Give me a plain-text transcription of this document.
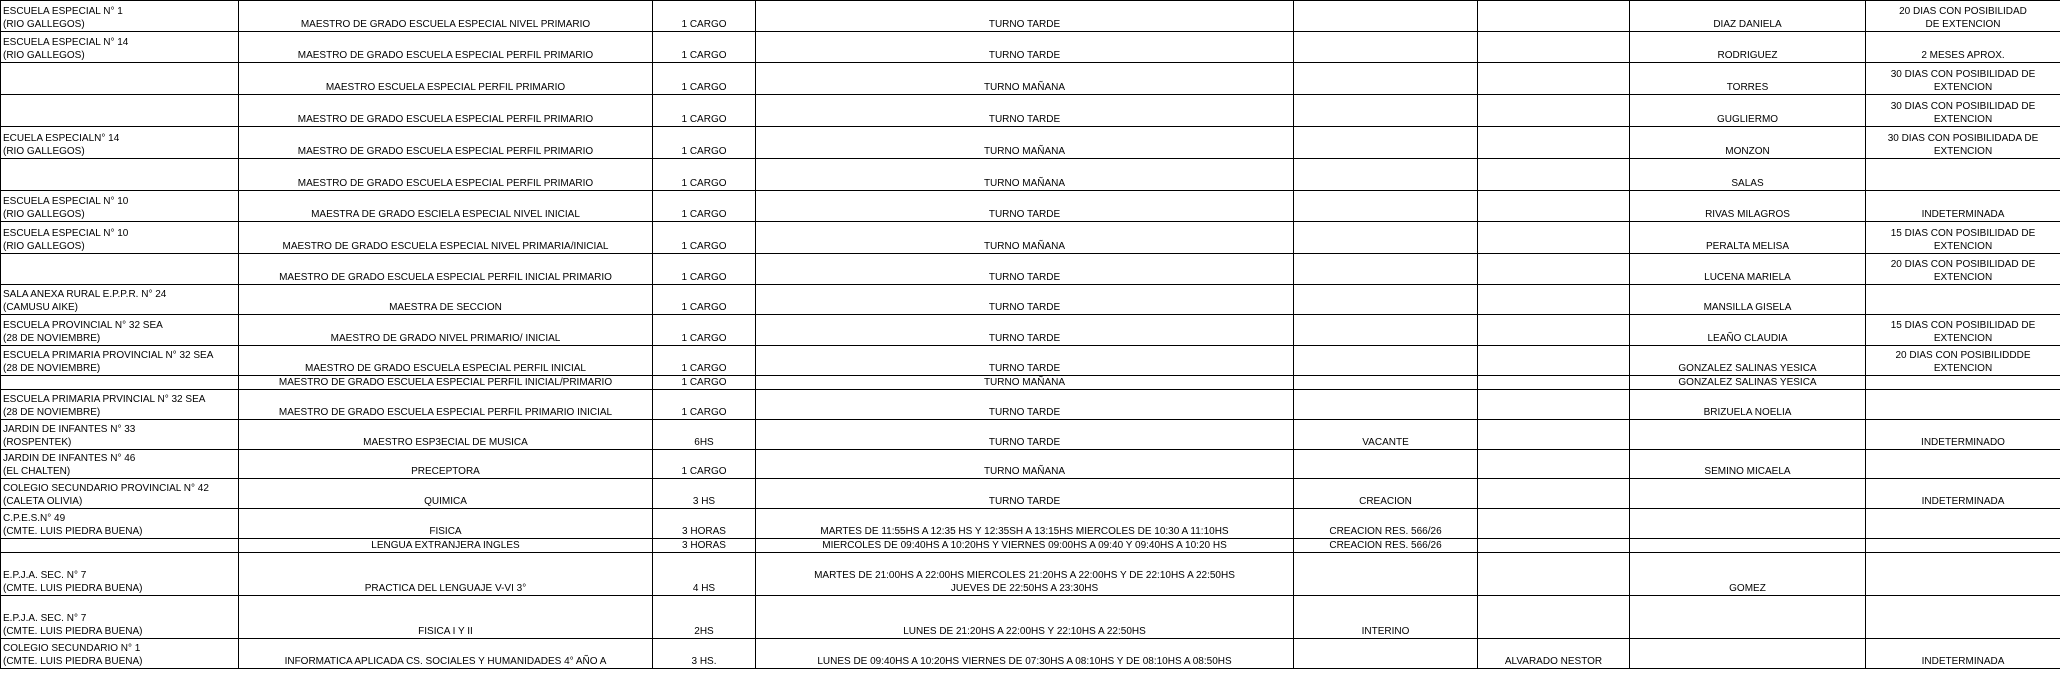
ESCUELA ESPECIAL N° 1
(RIO GALLEGOS)	MAESTRO DE GRADO ESCUELA ESPECIAL NIVEL PRIMARIO	1 CARGO	TURNO TARDE			DIAZ DANIELA	20 DIAS CON POSIBILIDAD
DE EXTENCION
ESCUELA ESPECIAL N° 14
(RIO GALLEGOS)	MAESTRO DE GRADO ESCUELA ESPECIAL PERFIL PRIMARIO	1 CARGO	TURNO TARDE			RODRIGUEZ	2 MESES APROX.
	MAESTRO ESCUELA ESPECIAL PERFIL PRIMARIO	1 CARGO	TURNO MAÑANA			TORRES	30 DIAS CON POSIBILIDAD DE
EXTENCION
	MAESTRO DE GRADO ESCUELA ESPECIAL PERFIL PRIMARIO	1 CARGO	TURNO TARDE			GUGLIERMO	30 DIAS CON POSIBILIDAD DE
EXTENCION
ECUELA ESPECIALN° 14
(RIO GALLEGOS)	MAESTRO DE GRADO ESCUELA ESPECIAL PERFIL PRIMARIO	1 CARGO	TURNO MAÑANA			MONZON	30 DIAS CON POSIBILIDADA DE
EXTENCION
	MAESTRO DE GRADO ESCUELA ESPECIAL PERFIL PRIMARIO	1 CARGO	TURNO MAÑANA			SALAS	
ESCUELA ESPECIAL N° 10
(RIO GALLEGOS)	MAESTRA DE GRADO ESCIELA ESPECIAL NIVEL INICIAL	1 CARGO	TURNO TARDE			RIVAS MILAGROS	INDETERMINADA
ESCUELA ESPECIAL N° 10
(RIO GALLEGOS)	MAESTRO DE GRADO ESCUELA ESPECIAL NIVEL PRIMARIA/INICIAL	1 CARGO	TURNO MAÑANA			PERALTA MELISA	15 DIAS CON POSIBILIDAD DE
EXTENCION
	MAESTRO DE GRADO ESCUELA ESPECIAL PERFIL INICIAL PRIMARIO	1 CARGO	TURNO TARDE			LUCENA MARIELA	20 DIAS CON POSIBILIDAD DE
EXTENCION
SALA ANEXA RURAL E.P.P.R. N° 24
(CAMUSU AIKE)	MAESTRA DE SECCION	1 CARGO	TURNO TARDE			MANSILLA GISELA	
ESCUELA PROVINCIAL N° 32 SEA
(28 DE NOVIEMBRE)	MAESTRO DE GRADO NIVEL PRIMARIO/ INICIAL	1 CARGO	TURNO TARDE			LEAÑO CLAUDIA	15 DIAS CON POSIBILIDAD DE
EXTENCION
ESCUELA PRIMARIA PROVINCIAL N° 32 SEA
(28 DE NOVIEMBRE)	MAESTRO DE GRADO ESCUELA ESPECIAL PERFIL INICIAL	1 CARGO	TURNO TARDE			GONZALEZ SALINAS YESICA	20 DIAS CON POSIBILIDDDE
EXTENCION
	MAESTRO DE GRADO ESCUELA ESPECIAL PERFIL INICIAL/PRIMARIO	1 CARGO	TURNO MAÑANA			GONZALEZ SALINAS YESICA	
ESCUELA PRIMARIA PRVINCIAL N° 32 SEA
(28 DE NOVIEMBRE)	MAESTRO DE GRADO ESCUELA ESPECIAL PERFIL PRIMARIO INICIAL	1 CARGO	TURNO TARDE			BRIZUELA NOELIA	
JARDIN DE INFANTES N° 33
(ROSPENTEK)	MAESTRO ESP3ECIAL DE MUSICA	6HS	TURNO TARDE	VACANTE			INDETERMINADO
JARDIN DE INFANTES N° 46
(EL CHALTEN)	PRECEPTORA	1 CARGO	TURNO MAÑANA			SEMINO MICAELA	
COLEGIO SECUNDARIO PROVINCIAL N° 42
(CALETA OLIVIA)	QUIMICA	3 HS	TURNO TARDE	CREACION			INDETERMINADA
C.P.E.S.N° 49
(CMTE. LUIS PIEDRA BUENA)	FISICA	3 HORAS	MARTES DE 11:55HS A 12:35 HS Y 12:35SH A 13:15HS MIERCOLES DE 10:30 A 11:10HS	CREACION RES. 566/26			
	LENGUA EXTRANJERA INGLES	3 HORAS	MIERCOLES DE 09:40HS A 10:20HS Y VIERNES 09:00HS A 09:40 Y 09:40HS A 10:20 HS	CREACION RES. 566/26			
E.P.J.A. SEC. N° 7
(CMTE. LUIS PIEDRA BUENA)	PRACTICA DEL LENGUAJE V-VI 3°	4 HS	MARTES DE 21:00HS A 22:00HS MIERCOLES 21:20HS A 22:00HS Y DE 22:10HS A 22:50HS
JUEVES DE 22:50HS A 23:30HS			GOMEZ	
E.P.J.A. SEC. N° 7
(CMTE. LUIS PIEDRA BUENA)	FISICA I Y II	2HS	LUNES DE 21:20HS A 22:00HS Y 22:10HS A 22:50HS	INTERINO			
COLEGIO SECUNDARIO N° 1
(CMTE. LUIS PIEDRA BUENA)	INFORMATICA APLICADA CS. SOCIALES Y HUMANIDADES 4° AÑO A	3 HS.	LUNES DE 09:40HS A 10:20HS VIERNES DE 07:30HS A 08:10HS Y DE 08:10HS A 08:50HS		ALVARADO NESTOR		INDETERMINADA
